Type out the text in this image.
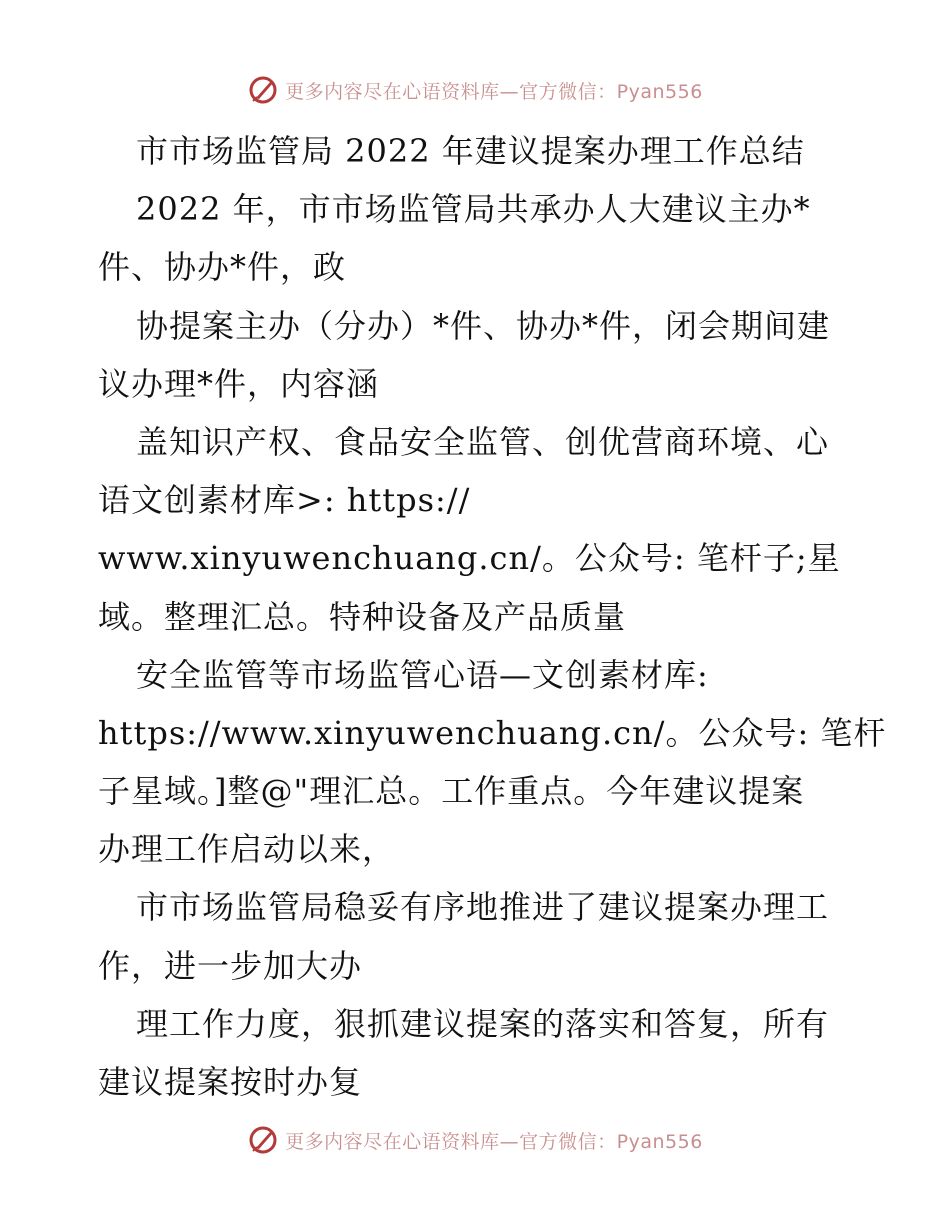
更多内容尽在心语资料库—官方微信：Pyan556
市市场监管局 2022 年建议提案办理工作总结
2022 年，市市场监管局共承办人大建议主办*
件、协办*件，政
协提案主办（分办）*件、协办*件，闭会期间建
议办理*件，内容涵
盖知识产权、食品安全监管、创优营商环境、心
语文创素材库>: https://
www.xinyuwenchuang.cn/。公众号: 笔杆子;星
域。整理汇总。特种设备及产品质量
安全监管等市场监管心语—文创素材库:
https://www.xinyuwenchuang.cn/。公众号: 笔杆
子星域。]整@"理汇总。工作重点。今年建议提案
办理工作启动以来，
市市场监管局稳妥有序地推进了建议提案办理工
作，进一步加大办
理工作力度，狠抓建议提案的落实和答复，所有
建议提案按时办复
更多内容尽在心语资料库—官方微信：Pyan556
